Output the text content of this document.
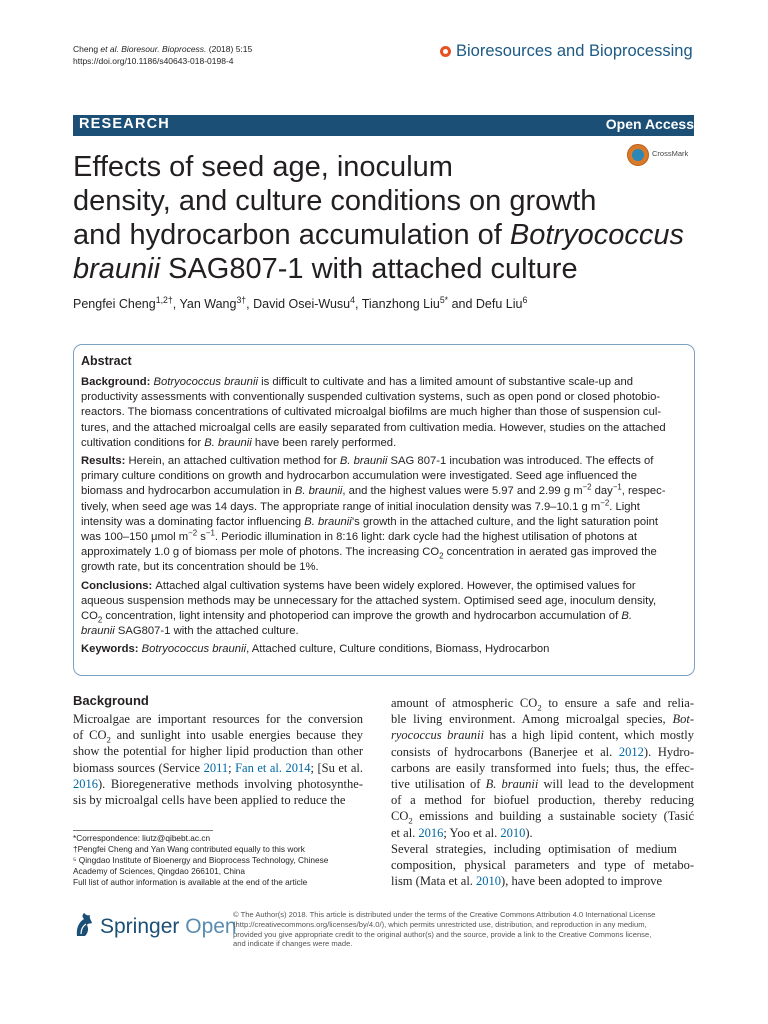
Cheng et al. Bioresour. Bioprocess. (2018) 5:15
https://doi.org/10.1186/s40643-018-0198-4
Bioresources and Bioprocessing
RESEARCH	Open Access
CrossMark

Effects of seed age, inoculum

density, and culture conditions on growth

and hydrocarbon accumulation of Botryococcus

braunii SAG807-1 with attached culture

Pengfei Cheng$^{1,2\dagger}$, Yan Wang$^{3\dagger}$, David Osei-Wusu$^4$, Tianzhong Liu$^{5*}$ and Defu Liu$^6$
Abstract
Background: Botryococcus braunii is difficult to cultivate and has a limited amount of substantive scale-up and
productivity assessments with conventionally suspended cultivation systems, such as open pond or closed photobio-
reactors. The biomass concentrations of cultivated microalgal biofilms are much higher than those of suspension cul-
tures, and the attached microalgal cells are easily separated from cultivation media. However, studies on the attached
cultivation conditions for B. braunii have been rarely performed.
Results: Herein, an attached cultivation method for B. braunii SAG 807-1 incubation was introduced. The effects of
primary culture conditions on growth and hydrocarbon accumulation were investigated. Seed age influenced the
biomass and hydrocarbon accumulation in B. braunii, and the highest values were 5.97 and 2.99 g $m^{-2}$ day$^{-1}$, respec-
tively, when seed age was 14 days. The appropriate range of initial inoculation density was 7.9–10.1 g $m^{-2}$. Light
intensity was a dominating factor influencing B. braunii’s growth in the attached culture, and the light saturation point
was 100–150 μmol $m^{-2}$ $s^{-1}$. Periodic illumination in 8:16 light: dark cycle had the highest utilisation of photons at
approximately 1.0 g of biomass per mole of photons. The increasing $CO_2$ concentration in aerated gas improved the
growth rate, but its concentration should be 1%.
Conclusions: Attached algal cultivation systems have been widely explored. However, the optimised values for
aqueous suspension methods may be unnecessary for the attached system. Optimised seed age, inoculum density,
$CO_2$ concentration, light intensity and photoperiod can improve the growth and hydrocarbon accumulation of B.
braunii SAG807-1 with the attached culture.
Keywords: Botryococcus braunii, Attached culture, Culture conditions, Biomass, Hydrocarbon
Background
Microalgae are important resources for the conversion
of $CO_2$ and sunlight into usable energies because they
show the potential for higher lipid production than other
biomass sources (Service 2011; Fan et al. 2014; [Su et al.
2016). Bioregenerative methods involving photosynthe-
sis by microalgal cells have been applied to reduce the
amount of atmospheric $CO_2$ to ensure a safe and relia-
ble living environment. Among microalgal species, Bot-
ryococcus braunii has a high lipid content, which mostly
consists of hydrocarbons (Banerjee et al. 2012). Hydro-
carbons are easily transformed into fuels; thus, the effec-
tive utilisation of B. braunii will lead to the development
of a method for biofuel production, thereby reducing
$CO_2$ emissions and building a sustainable society (Tasić
et al. 2016; Yoo et al. 2010).
Several strategies, including optimisation of medium
composition, physical parameters and type of metabo-
lism (Mata et al. 2010), have been adopted to improve
*Correspondence: liutz@qibebt.ac.cn
†Pengfei Cheng and Yan Wang contributed equally to this work
⁵ Qingdao Institute of Bioenergy and Bioprocess Technology, Chinese
Academy of Sciences, Qingdao 266101, China
Full list of author information is available at the end of the article
Springer Open
© The Author(s) 2018. This article is distributed under the terms of the Creative Commons Attribution 4.0 International License
(http://creativecommons.org/licenses/by/4.0/), which permits unrestricted use, distribution, and reproduction in any medium,
provided you give appropriate credit to the original author(s) and the source, provide a link to the Creative Commons license,
and indicate if changes were made.
